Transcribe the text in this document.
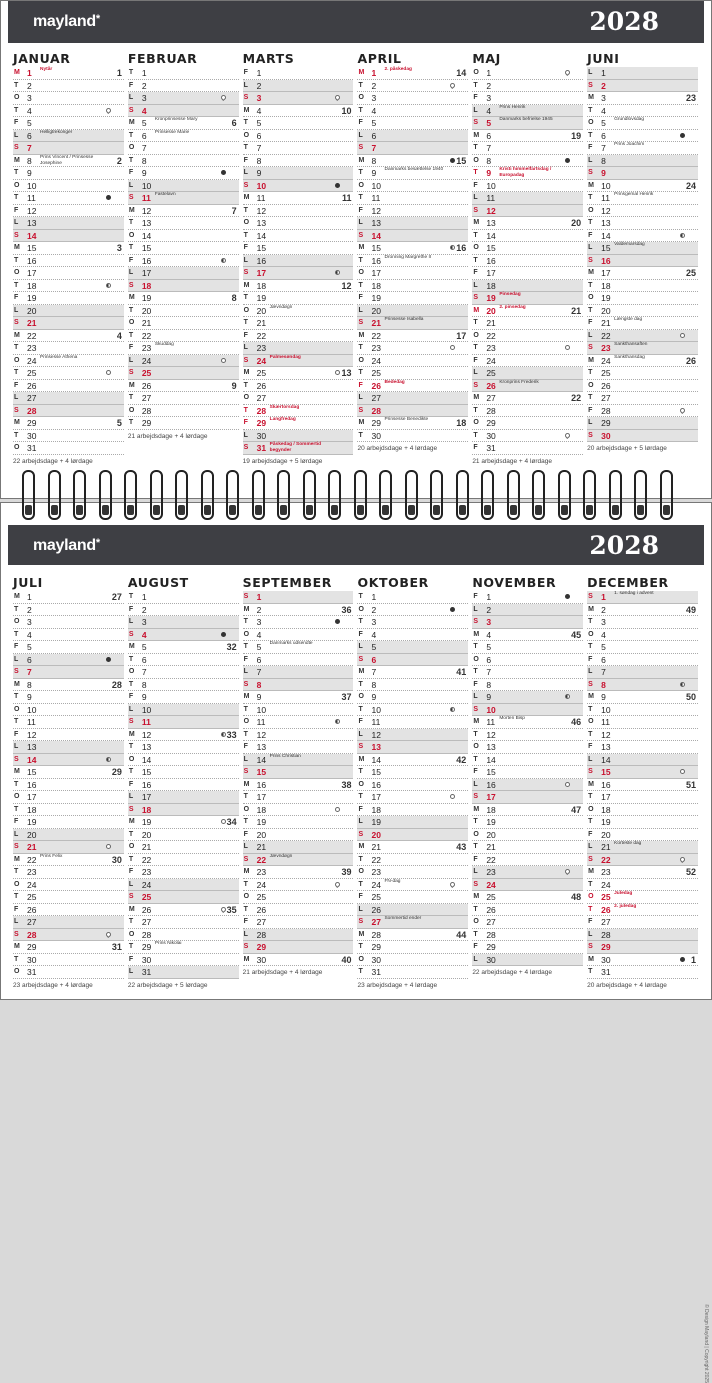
mayland*	2028
JANUAR
M 1 Nytår	1
T 2
O 3
T 4
F 5
L 6 Helligtrekonger
S 7
M 8 Prins Vincent / Prinsesse Josephine	2
T 9
O 10
T 11
F 12
L 13
S 14
M 15	3
T 16
O 17
T 18
F 19
L 20
S 21
M 22	4
T 23
O 24 Prinsesse Athena
T 25
F 26
L 27
S 28
M 29	5
T 30
O 31
22 arbejdsdage + 4 lørdage
FEBRUAR
T 1
F 2
L 3
S 4
M 5 Kronprinsesse Mary	6
T 6 Prinsesse Marie
O 7
T 8
F 9
L 10
S 11 Fastelavn
M 12	7
T 13
O 14
T 15
F 16
L 17
S 18
M 19	8
T 20
O 21
T 22
F 23 Skuddag
L 24
S 25
M 26	9
T 27
O 28
T 29
21 arbejdsdage + 4 lørdage
MARTS
F 1
L 2
S 3
M 4	10
T 5
O 6
T 7
F 8
L 9
S 10
M 11	11
T 12
O 13
T 14
F 15
L 16
S 17
M 18	12
T 19
O 20 Jævndøgn
T 21
F 22
L 23
S 24 Palmesøndag
M 25	13
T 26
O 27
T 28 Skærtorsdag
F 29 Langfredag
L 30
S 31 Påskedag / Sommertid begynder
19 arbejdsdage + 5 lørdage
APRIL
M 1 2. påskedag	14
T 2
O 3
T 4
F 5
L 6
S 7
M 8	15
T 9 Danmarks besættelse 1940
O 10
T 11
F 12
L 13
S 14
M 15	16
T 16 Dronning Margrethe II
O 17
T 18
F 19
L 20
S 21 Prinsesse Isabella
M 22	17
T 23
O 24
T 25
F 26 Bededag
L 27
S 28
M 29 Prinsesse Benedikte	18
T 30
20 arbejdsdage + 4 lørdage
MAJ
O 1
T 2
F 3
L 4 Prins Henrik
S 5 Danmarks befrielse 1945
M 6	19
T 7
O 8
T 9 Kristi himmelfartsdag / Europadag
F 10
L 11
S 12
M 13	20
T 14
O 15
T 16
F 17
L 18
S 19 Pinsedag
M 20 2. pinsedag	21
T 21
O 22
T 23
F 24
L 25
S 26 Kronprins Frederik
M 27	22
T 28
O 29
T 30
F 31
21 arbejdsdage + 4 lørdage
JUNI
L 1
S 2
M 3	23
T 4
O 5 Grundlovsdag
T 6
F 7 Prins Joachim
L 8
S 9
M 10	24
T 11 Prinsgemal Henrik
O 12
T 13
F 14
L 15 Valdemarsdag
S 16
M 17	25
T 18
O 19
T 20
F 21 Længste dag
L 22
S 23 Sankthansaften
M 24 Sankthansdag	26
T 25
O 26
T 27
F 28
L 29
S 30
20 arbejdsdage + 5 lørdage
mayland*	2028
JULI
M 1	27
T 2
O 3
T 4
F 5
L 6
S 7
M 8	28
T 9
O 10
T 11
F 12
L 13
S 14
M 15	29
T 16
O 17
T 18
F 19
L 20
S 21
M 22 Prins Felix	30
T 23
O 24
T 25
F 26
L 27
S 28
M 29	31
T 30
O 31
23 arbejdsdage + 4 lørdage
AUGUST
T 1
F 2
L 3
S 4
M 5	32
T 6
O 7
T 8
F 9
L 10
S 11
M 12	33
T 13
O 14
T 15
F 16
L 17
S 18
M 19	34
T 20
O 21
T 22
F 23
L 24
S 25
M 26	35
T 27
O 28
T 29 Prins Nikolai
F 30
L 31
22 arbejdsdage + 5 lørdage
SEPTEMBER
S 1
M 2	36
T 3
O 4
T 5 Danmarks udsendte
F 6
L 7
S 8
M 9	37
T 10
O 11
T 12
F 13
L 14 Prins Christian
S 15
M 16	38
T 17
O 18
T 19
F 20
L 21
S 22 Jævndøgn
M 23	39
T 24
O 25
T 26
F 27
L 28
S 29
M 30	40
21 arbejdsdage + 4 lørdage
OKTOBER
T 1
O 2
T 3
F 4
L 5
S 6
M 7	41
T 8
O 9
T 10
F 11
L 12
S 13
M 14	42
T 15
O 16
T 17
F 18
L 19
S 20
M 21	43
T 22
O 23
T 24 FN-dag
F 25
L 26
S 27 Sommertid ender
M 28	44
T 29
O 30
T 31
23 arbejdsdage + 4 lørdage
NOVEMBER
F 1
L 2
S 3
M 4	45
T 5
O 6
T 7
F 8
L 9
S 10
M 11 Morten Bisp	46
T 12
O 13
T 14
F 15
L 16
S 17
M 18	47
T 19
O 20
T 21
F 22
L 23
S 24
M 25	48
T 26
O 27
T 28
F 29
L 30
22 arbejdsdage + 4 lørdage
DECEMBER
S 1 1. søndag i advent
M 2	49
T 3
O 4
T 5
F 6
L 7
S 8
M 9	50
T 10
O 11
T 12
F 13
L 14
S 15
M 16	51
T 17
O 18
T 19
F 20
L 21 Korteste dag
S 22
M 23	52
T 24
O 25 Juledag
T 26 2. juledag
F 27
L 28
S 29
M 30	1
T 31
20 arbejdsdage + 4 lørdage
© Design Mayland | Copyright 2025
